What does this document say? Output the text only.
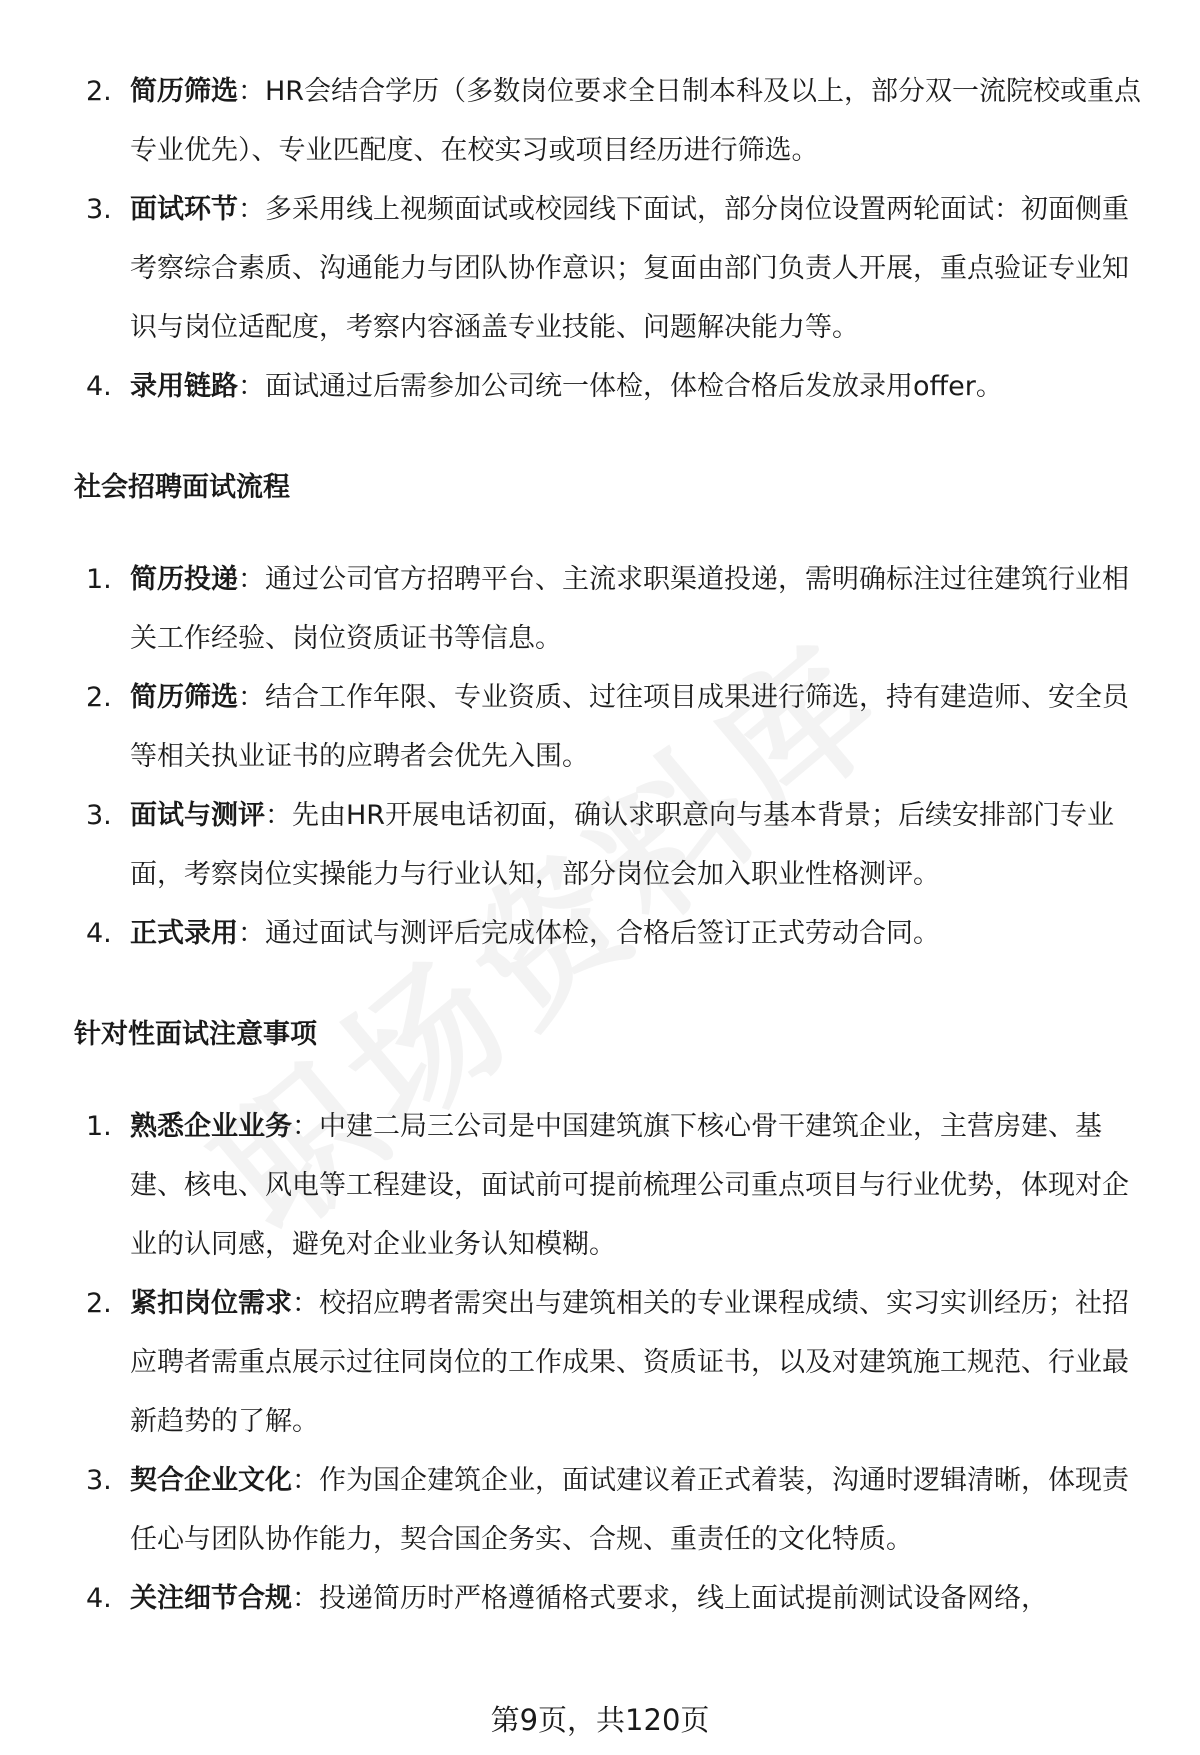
2. 简历筛选：HR会结合学历（多数岗位要求全日制本科及以上，部分双一流院校或重点专业优先）、专业匹配度、在校实习或项目经历进行筛选。
3. 面试环节：多采用线上视频面试或校园线下面试，部分岗位设置两轮面试：初面侧重考察综合素质、沟通能力与团队协作意识；复面由部门负责人开展，重点验证专业知识与岗位适配度，考察内容涵盖专业技能、问题解决能力等。
4. 录用链路：面试通过后需参加公司统一体检，体检合格后发放录用offer。
社会招聘面试流程
1. 简历投递：通过公司官方招聘平台、主流求职渠道投递，需明确标注过往建筑行业相关工作经验、岗位资质证书等信息。
2. 简历筛选：结合工作年限、专业资质、过往项目成果进行筛选，持有建造师、安全员等相关执业证书的应聘者会优先入围。
3. 面试与测评：先由HR开展电话初面，确认求职意向与基本背景；后续安排部门专业面，考察岗位实操能力与行业认知，部分岗位会加入职业性格测评。
4. 正式录用：通过面试与测评后完成体检，合格后签订正式劳动合同。
针对性面试注意事项
1. 熟悉企业业务：中建二局三公司是中国建筑旗下核心骨干建筑企业，主营房建、基建、核电、风电等工程建设，面试前可提前梳理公司重点项目与行业优势，体现对企业的认同感，避免对企业业务认知模糊。
2. 紧扣岗位需求：校招应聘者需突出与建筑相关的专业课程成绩、实习实训经历；社招应聘者需重点展示过往同岗位的工作成果、资质证书，以及对建筑施工规范、行业最新趋势的了解。
3. 契合企业文化：作为国企建筑企业，面试建议着正式着装，沟通时逻辑清晰，体现责任心与团队协作能力，契合国企务实、合规、重责任的文化特质。
4. 关注细节合规：投递简历时严格遵循格式要求，线上面试提前测试设备网络，
第9页，共120页
